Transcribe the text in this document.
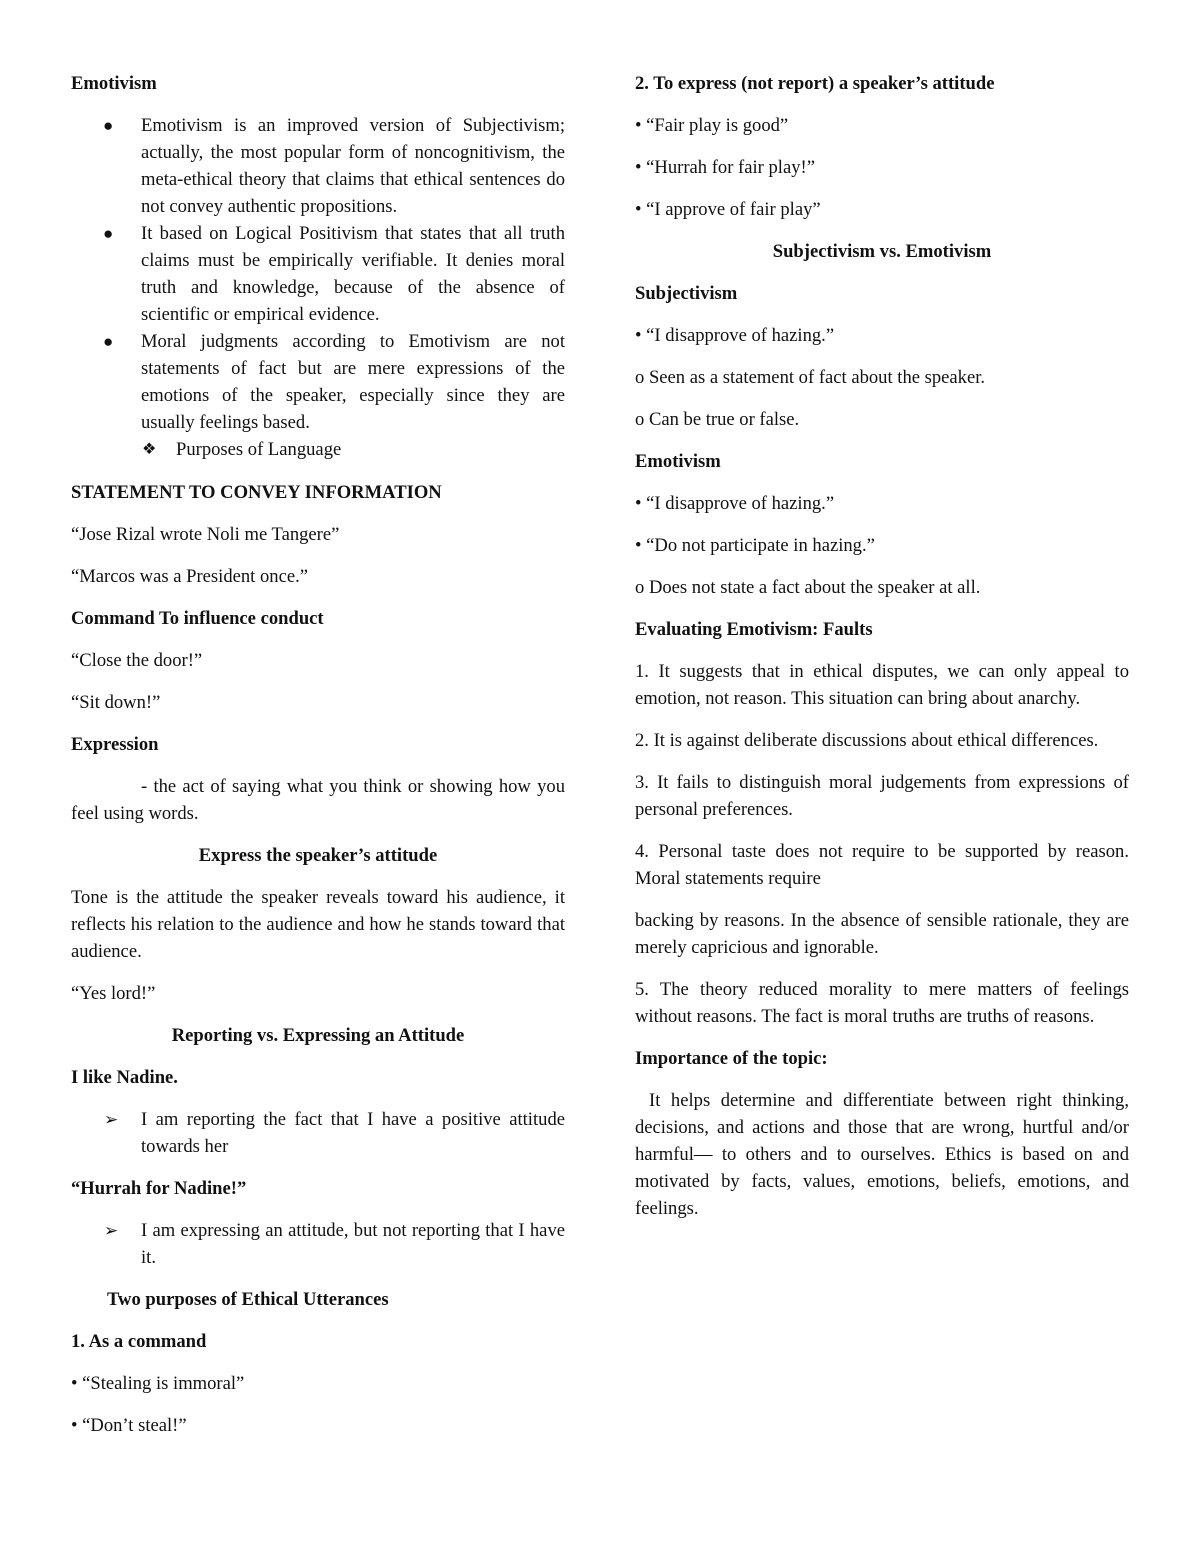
Emotivism

● Emotivism is an improved version of Subjectivism; actually, the most popular form of noncognitivism, the meta-ethical theory that claims that ethical sentences do not convey authentic propositions.
● It based on Logical Positivism that states that all truth claims must be empirically verifiable. It denies moral truth and knowledge, because of the absence of scientific or empirical evidence.
● Moral judgments according to Emotivism are not statements of fact but are mere expressions of the emotions of the speaker, especially since they are usually feelings based.
❖ Purposes of Language

STATEMENT TO CONVEY INFORMATION

“Jose Rizal wrote Noli me Tangere”

“Marcos was a President once.”

Command To influence conduct

“Close the door!”

“Sit down!”

Expression

- the act of saying what you think or showing how you feel using words.

Express the speaker’s attitude

Tone is the attitude the speaker reveals toward his audience, it reflects his relation to the audience and how he stands toward that audience.

“Yes lord!”

Reporting vs. Expressing an Attitude

I like Nadine.

➢ I am reporting the fact that I have a positive attitude towards her

“Hurrah for Nadine!”

➢ I am expressing an attitude, but not reporting that I have it.

Two purposes of Ethical Utterances

1. As a command

• “Stealing is immoral”

• “Don’t steal!”

2. To express (not report) a speaker’s attitude

• “Fair play is good”

• “Hurrah for fair play!”

• “I approve of fair play”

Subjectivism vs. Emotivism

Subjectivism

• “I disapprove of hazing.”

o Seen as a statement of fact about the speaker.

o Can be true or false.

Emotivism

• “I disapprove of hazing.”

• “Do not participate in hazing.”

o Does not state a fact about the speaker at all.

Evaluating Emotivism: Faults

1. It suggests that in ethical disputes, we can only appeal to emotion, not reason. This situation can bring about anarchy.

2. It is against deliberate discussions about ethical differences.

3. It fails to distinguish moral judgements from expressions of personal preferences.

4. Personal taste does not require to be supported by reason. Moral statements require

backing by reasons. In the absence of sensible rationale, they are merely capricious and ignorable.

5. The theory reduced morality to mere matters of feelings without reasons. The fact is moral truths are truths of reasons.

Importance of the topic:

It helps determine and differentiate between right thinking, decisions, and actions and those that are wrong, hurtful and/or harmful— to others and to ourselves. Ethics is based on and motivated by facts, values, emotions, beliefs, emotions, and feelings.
